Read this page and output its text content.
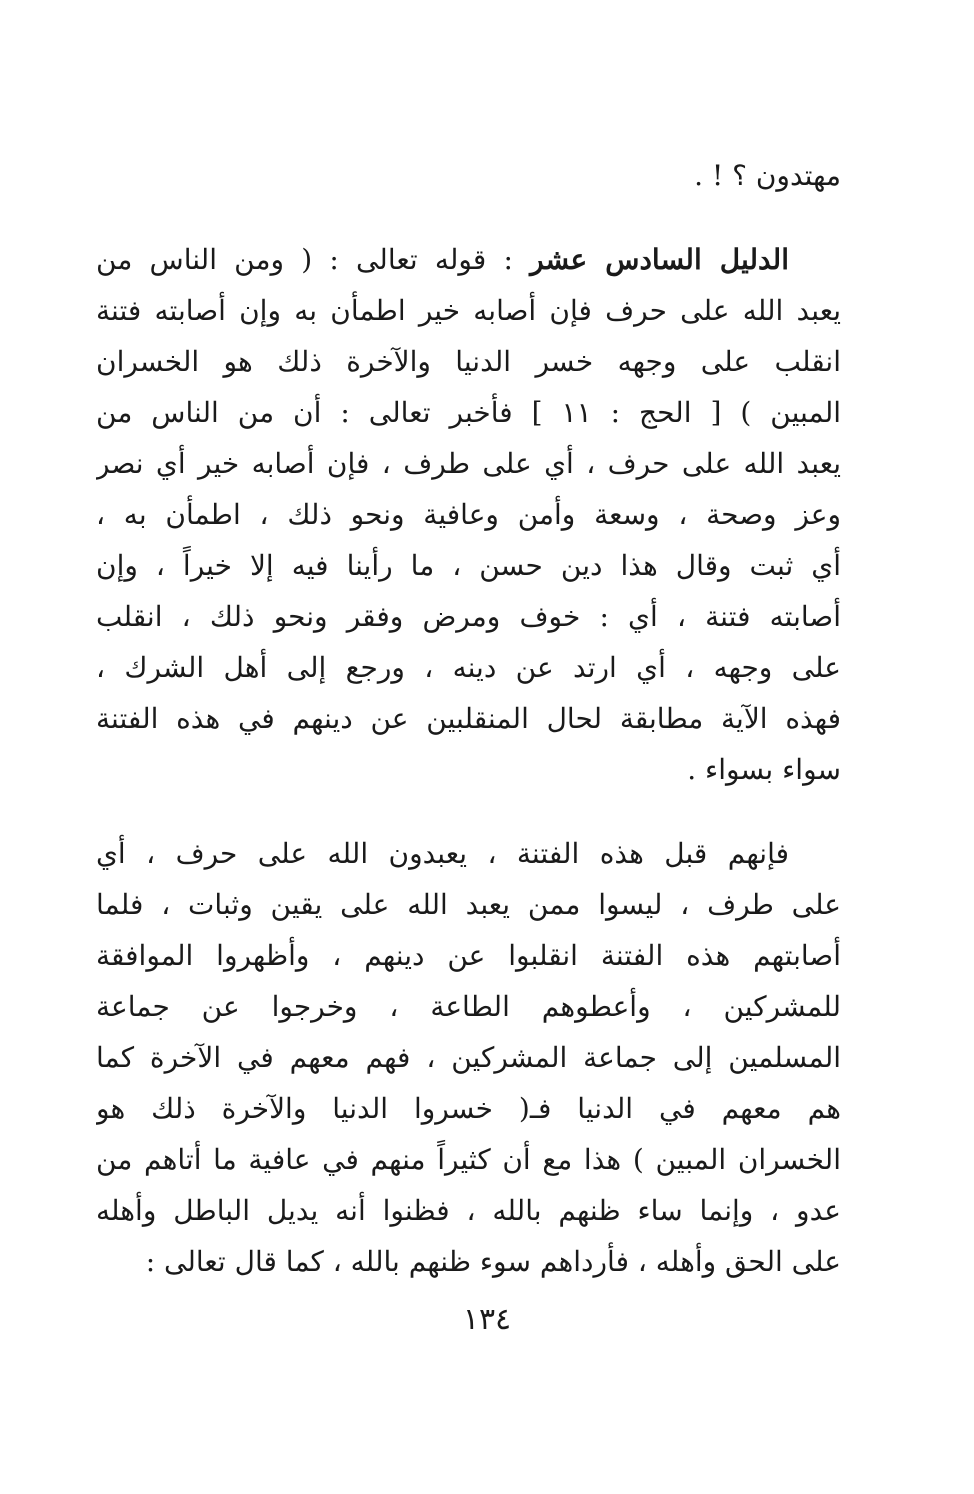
مهتدون ؟ ! .
الدليل السادس عشر : قوله تعالى : ( ومن الناس من
يعبد الله على حرف فإن أصابه خير اطمأن به وإن أصابته فتنة
انقلب على وجهه خسر الدنيا والآخرة ذلك هو الخسران
المبين ) [ الحج : ١١ ] فأخبر تعالى : أن من الناس من
يعبد الله على حرف ، أي على طرف ، فإن أصابه خير أي نصر
وعز وصحة ، وسعة وأمن وعافية ونحو ذلك ، اطمأن به ،
أي ثبت وقال هذا دين حسن ، ما رأينا فيه إلا خيراً ، وإن
أصابته فتنة ، أي : خوف ومرض وفقر ونحو ذلك ، انقلب
على وجهه ، أي ارتد عن دينه ، ورجع إلى أهل الشرك ،
فهذه الآية مطابقة لحال المنقلبين عن دينهم في هذه الفتنة
سواء بسواء .
فإنهم قبل هذه الفتنة ، يعبدون الله على حرف ، أي
على طرف ، ليسوا ممن يعبد الله على يقين وثبات ، فلما
أصابتهم هذه الفتنة انقلبوا عن دينهم ، وأظهروا الموافقة
للمشركين ، وأعطوهم الطاعة ، وخرجوا عن جماعة
المسلمين إلى جماعة المشركين ، فهم معهم في الآخرة كما
هم معهم في الدنيا فـ( خسروا الدنيا والآخرة ذلك هو
الخسران المبين ) هذا مع أن كثيراً منهم في عافية ما أتاهم من
عدو ، وإنما ساء ظنهم بالله ، فظنوا أنه يديل الباطل وأهله
على الحق وأهله ، فأرداهم سوء ظنهم بالله ، كما قال تعالى :
١٣٤
